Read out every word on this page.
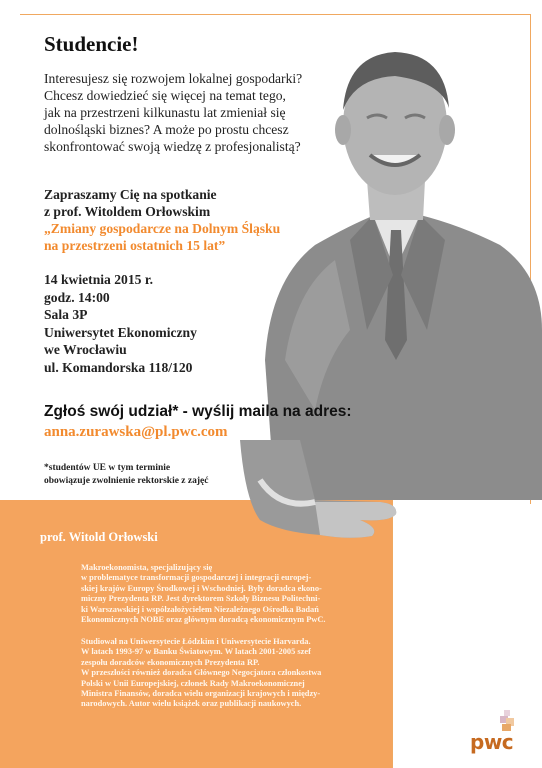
Studencie!
Interesujesz się rozwojem lokalnej gospodarki?
Chcesz dowiedzieć się więcej na temat tego,
jak na przestrzeni kilkunastu lat zmieniał się
dolnośląski biznes? A może po prostu chcesz
skonfrontować swoją wiedzę z profesjonalistą?
Zapraszamy Cię na spotkanie
z prof. Witoldem Orłowskim
„Zmiany gospodarcze na Dolnym Śląsku
na przestrzeni ostatnich 15 lat”
14 kwietnia 2015 r.
godz. 14:00
Sala 3P
Uniwersytet Ekonomiczny
we Wrocławiu
ul. Komandorska 118/120
Zgłoś swój udział* - wyślij maila na adres:
anna.zurawska@pl.pwc.com
*studentów UE w tym terminie
obowiązuje zwolnienie rektorskie z zajęć
prof. Witold Orłowski
Makroekonomista, specjalizujący się
w problematyce transformacji gospodarczej i integracji europej-
skiej krajów Europy Środkowej i Wschodniej. Były doradca ekono-
miczny Prezydenta RP. Jest dyrektorem Szkoły Biznesu Politechni-
ki Warszawskiej i współzałożycielem Niezależnego Ośrodka Badań
Ekonomicznych NOBE oraz głównym doradcą ekonomicznym PwC.
Studiował na Uniwersytecie Łódzkim i Uniwersytecie Harvarda.
W latach 1993-97 w Banku Światowym. W latach 2001-2005 szef
zespołu doradców ekonomicznych Prezydenta RP.
W przeszłości również doradca Głównego Negocjatora członkostwa
Polski w Unii Europejskiej, członek Rady Makroekonomicznej
Ministra Finansów, doradca wielu organizacji krajowych i między-
narodowych. Autor wielu książek oraz publikacji naukowych.
pwc
